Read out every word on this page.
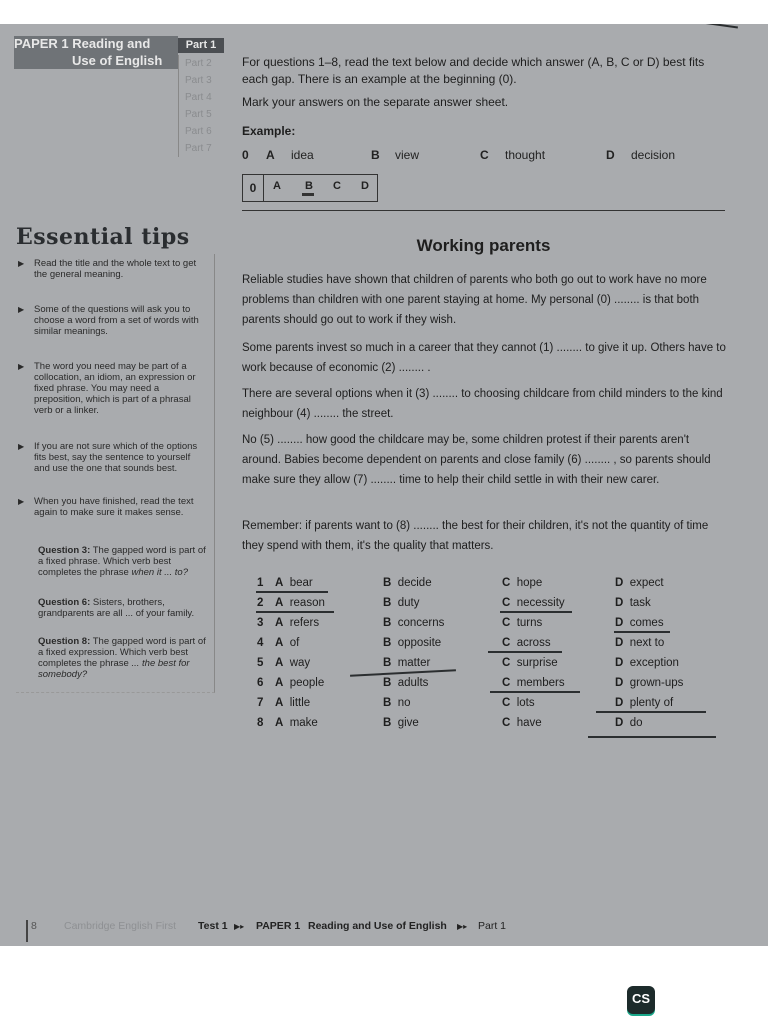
PAPER 1 Reading and
Use of English
Part 1
Part 2
Part 3
Part 4
Part 5
Part 6
Part 7
For questions 1–8, read the text below and decide which answer (A, B, C or D) best fits each gap. There is an example at the beginning (0).
Mark your answers on the separate answer sheet.
Example:
0 A idea	B view	C thought	D decision
0	A B C D
Essential tips
▶ Read the title and the whole text to get the general meaning.
▶ Some of the questions will ask you to choose a word from a set of words with similar meanings.
▶ The word you need may be part of a collocation, an idiom, an expression or fixed phrase. You may need a preposition, which is part of a phrasal verb or a linker.
▶ If you are not sure which of the options fits best, say the sentence to yourself and use the one that sounds best.
▶ When you have finished, read the text again to make sure it makes sense.
Question 3: The gapped word is part of a fixed phrase. Which verb best completes the phrase when it ... to?
Question 6: Sisters, brothers, grandparents are all ... of your family.
Question 8: The gapped word is part of a fixed expression. Which verb best completes the phrase ... the best for somebody?
Working parents
Reliable studies have shown that children of parents who both go out to work have no more problems than children with one parent staying at home. My personal (0) ........ is that both parents should go out to work if they wish.
Some parents invest so much in a career that they cannot (1) ........ to give it up. Others have to work because of economic (2) ........ .
There are several options when it (3) ........ to choosing childcare from child minders to the kind neighbour (4) ........ the street.
No (5) ........ how good the childcare may be, some children protest if their parents aren't around. Babies become dependent on parents and close family (6) ........ , so parents should make sure they allow (7) ........ time to help their child settle in with their new carer.
Remember: if parents want to (8) ........ the best for their children, it's not the quantity of time they spend with them, it's the quality that matters.
1 A bear	B decide	C hope	D expect
2 A reason	B duty	C necessity	D task
3 A refers	B concerns	C turns	D comes
4 A of	B opposite	C across	D next to
5 A way	B matter	C surprise	D exception
6 A people	B adults	C members	D grown-ups
7 A little	B no	C lots	D plenty of
8 A make	B give	C have	D do
8	Cambridge English First Test 1 ▶▸ PAPER 1 Reading and Use of English ▶▸ Part 1
CS
